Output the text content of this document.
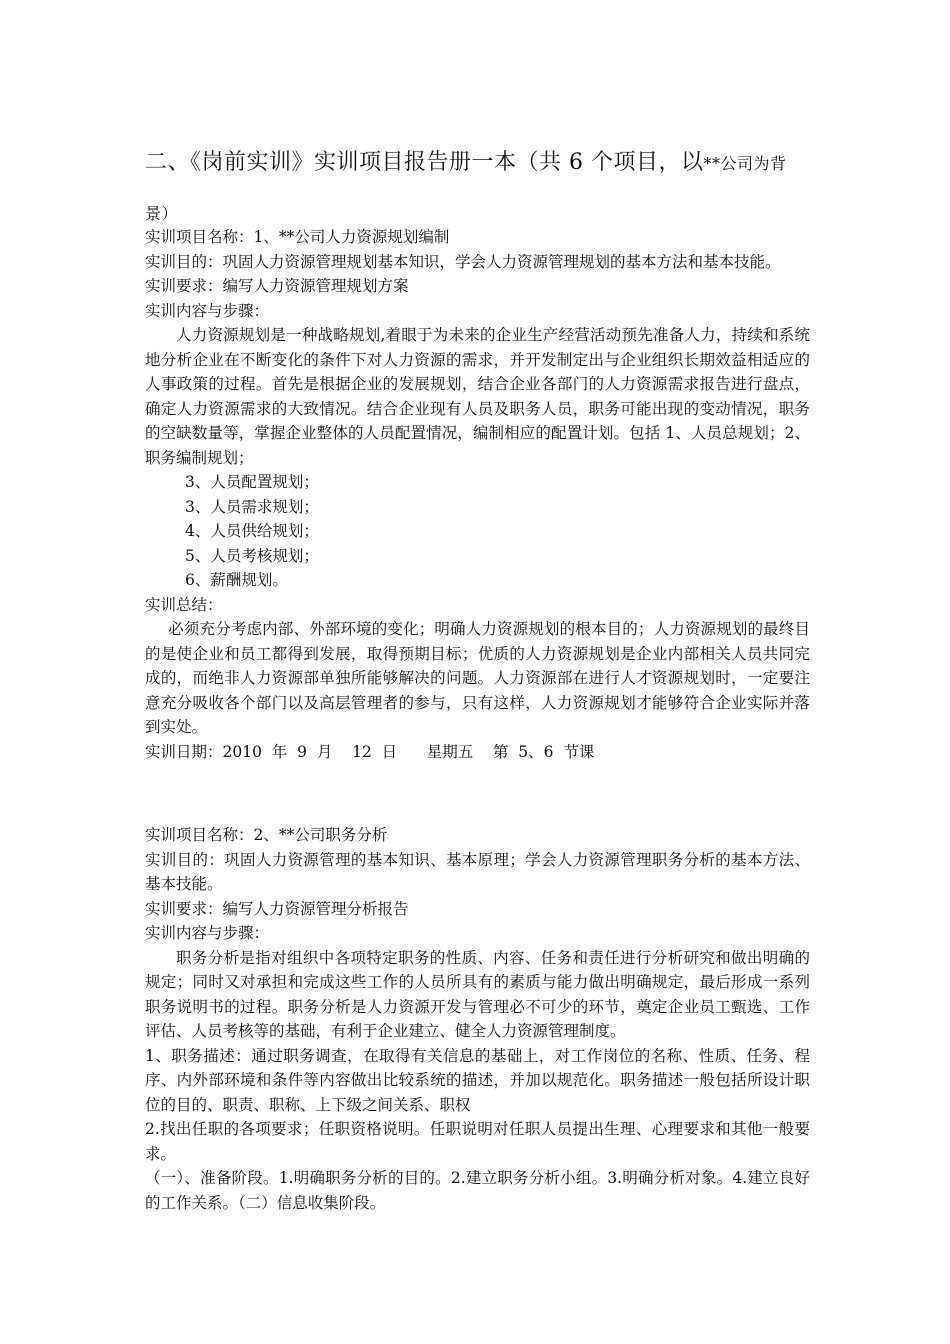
二、《岗前实训》实训项目报告册一本（共 6 个项目，以**公司为背
景）
实训项目名称：1、**公司人力资源规划编制
实训目的：巩固人力资源管理规划基本知识，学会人力资源管理规划的基本方法和基本技能。
实训要求：编写人力资源管理规划方案
实训内容与步骤：
人力资源规划是一种战略规划,着眼于为未来的企业生产经营活动预先准备人力，持续和系统地分析企业在不断变化的条件下对人力资源的需求，并开发制定出与企业组织长期效益相适应的人事政策的过程。首先是根据企业的发展规划，结合企业各部门的人力资源需求报告进行盘点，确定人力资源需求的大致情况。结合企业现有人员及职务人员，职务可能出现的变动情况，职务的空缺数量等，掌握企业整体的人员配置情况，编制相应的配置计划。包括 1、人员总规划；2、职务编制规划；
3、人员配置规划；
3、人员需求规划；
4、人员供给规划；
5、人员考核规划；
6、薪酬规划。
实训总结：
必须充分考虑内部、外部环境的变化；明确人力资源规划的根本目的；人力资源规划的最终目的是使企业和员工都得到发展，取得预期目标；优质的人力资源规划是企业内部相关人员共同完成的，而绝非人力资源部单独所能够解决的问题。人力资源部在进行人才资源规划时，一定要注意充分吸收各个部门以及高层管理者的参与，只有这样，人力资源规划才能够符合企业实际并落到实处。
实训日期：2010  年  9  月    12  日      星期五    第  5、6  节课
实训项目名称：2、**公司职务分析
实训目的：巩固人力资源管理的基本知识、基本原理；学会人力资源管理职务分析的基本方法、基本技能。
实训要求：编写人力资源管理分析报告
实训内容与步骤：
职务分析是指对组织中各项特定职务的性质、内容、任务和责任进行分析研究和做出明确的规定；同时又对承担和完成这些工作的人员所具有的素质与能力做出明确规定，最后形成一系列职务说明书的过程。职务分析是人力资源开发与管理必不可少的环节，奠定企业员工甄选、工作评估、人员考核等的基础，有利于企业建立、健全人力资源管理制度。
1、职务描述：通过职务调查，在取得有关信息的基础上，对工作岗位的名称、性质、任务、程序、内外部环境和条件等内容做出比较系统的描述，并加以规范化。职务描述一般包括所设计职位的目的、职责、职称、上下级之间关系、职权
2.找出任职的各项要求；任职资格说明。任职说明对任职人员提出生理、心理要求和其他一般要求。
（一）、准备阶段。1.明确职务分析的目的。2.建立职务分析小组。3.明确分析对象。4.建立良好的工作关系。（二）信息收集阶段。
